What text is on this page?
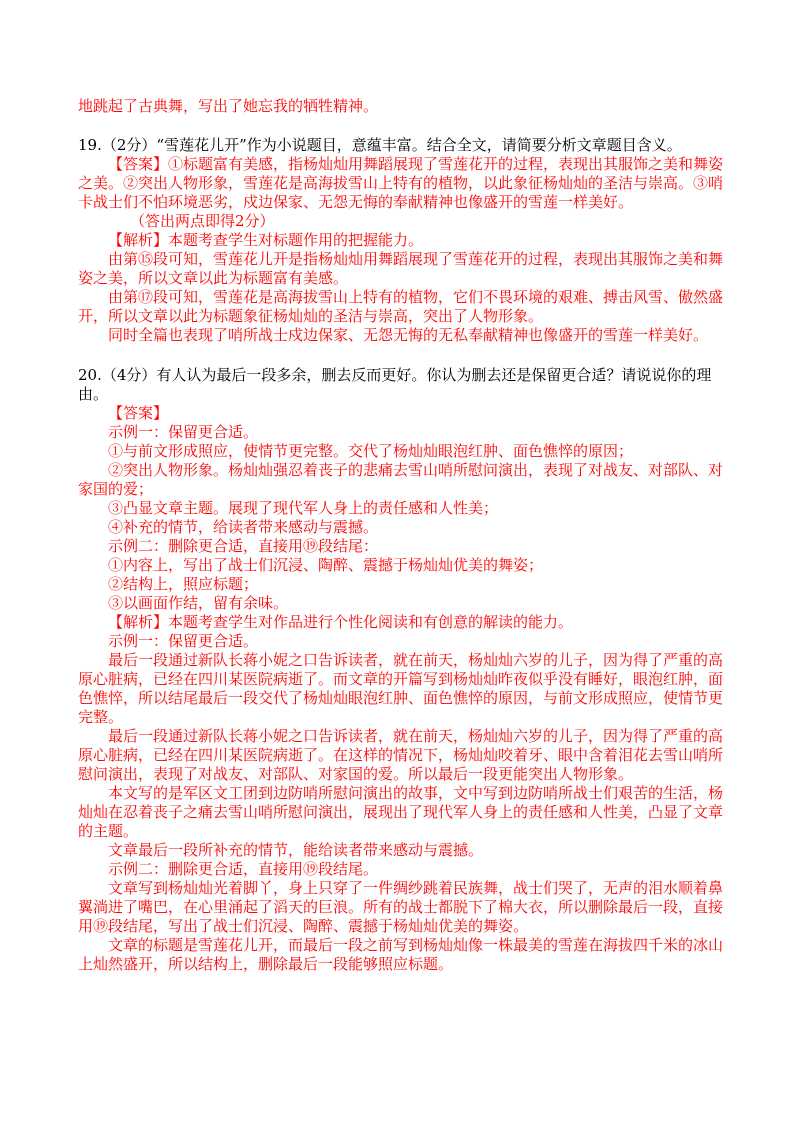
地跳起了古典舞，写出了她忘我的牺牲精神。

19.（2分）“雪莲花儿开”作为小说题目，意蕴丰富。结合全文，请简要分析文章题目含义。

【答案】①标题富有美感，指杨灿灿用舞蹈展现了雪莲花开的过程，表现出其服饰之美和舞姿之美。②突出人物形象，雪莲花是高海拔雪山上特有的植物，以此象征杨灿灿的圣洁与崇高。③哨卡战士们不怕环境恶劣，戍边保家、无怨无悔的奉献精神也像盛开的雪莲一样美好。

（答出两点即得2分）

【解析】本题考查学生对标题作用的把握能力。

由第⑮段可知，雪莲花儿开是指杨灿灿用舞蹈展现了雪莲花开的过程，表现出其服饰之美和舞姿之美，所以文章以此为标题富有美感。

由第⑰段可知，雪莲花是高海拔雪山上特有的植物，它们不畏环境的艰难、搏击风雪、傲然盛开，所以文章以此为标题象征杨灿灿的圣洁与崇高，突出了人物形象。

同时全篇也表现了哨所战士戍边保家、无怨无悔的无私奉献精神也像盛开的雪莲一样美好。

20.（4分）有人认为最后一段多余，删去反而更好。你认为删去还是保留更合适？请说说你的理由。

【答案】

示例一：保留更合适。

①与前文形成照应，使情节更完整。交代了杨灿灿眼泡红肿、面色憔悴的原因；

②突出人物形象。杨灿灿强忍着丧子的悲痛去雪山哨所慰问演出，表现了对战友、对部队、对家国的爱；

③凸显文章主题。展现了现代军人身上的责任感和人性美；

④补充的情节，给读者带来感动与震撼。

示例二：删除更合适，直接用⑲段结尾：

①内容上，写出了战士们沉浸、陶醉、震撼于杨灿灿优美的舞姿；

②结构上，照应标题；

③以画面作结，留有余味。

【解析】本题考查学生对作品进行个性化阅读和有创意的解读的能力。

示例一：保留更合适。

最后一段通过新队长蒋小妮之口告诉读者，就在前天，杨灿灿六岁的儿子，因为得了严重的高原心脏病，已经在四川某医院病逝了。而文章的开篇写到杨灿灿昨夜似乎没有睡好，眼泡红肿，面色憔悴，所以结尾最后一段交代了杨灿灿眼泡红肿、面色憔悴的原因，与前文形成照应，使情节更完整。

最后一段通过新队长蒋小妮之口告诉读者，就在前天，杨灿灿六岁的儿子，因为得了严重的高原心脏病，已经在四川某医院病逝了。在这样的情况下，杨灿灿咬着牙、眼中含着泪花去雪山哨所慰问演出，表现了对战友、对部队、对家国的爱。所以最后一段更能突出人物形象。

本文写的是军区文工团到边防哨所慰问演出的故事，文中写到边防哨所战士们艰苦的生活，杨灿灿在忍着丧子之痛去雪山哨所慰问演出，展现出了现代军人身上的责任感和人性美，凸显了文章的主题。

文章最后一段所补充的情节，能给读者带来感动与震撼。

示例二：删除更合适，直接用⑲段结尾。

文章写到杨灿灿光着脚丫，身上只穿了一件绸纱跳着民族舞，战士们哭了，无声的泪水顺着鼻翼淌进了嘴巴，在心里涌起了滔天的巨浪。所有的战士都脱下了棉大衣，所以删除最后一段，直接用⑲段结尾，写出了战士们沉浸、陶醉、震撼于杨灿灿优美的舞姿。

文章的标题是雪莲花儿开，而最后一段之前写到杨灿灿像一株最美的雪莲在海拔四千米的冰山上灿然盛开，所以结构上，删除最后一段能够照应标题。
